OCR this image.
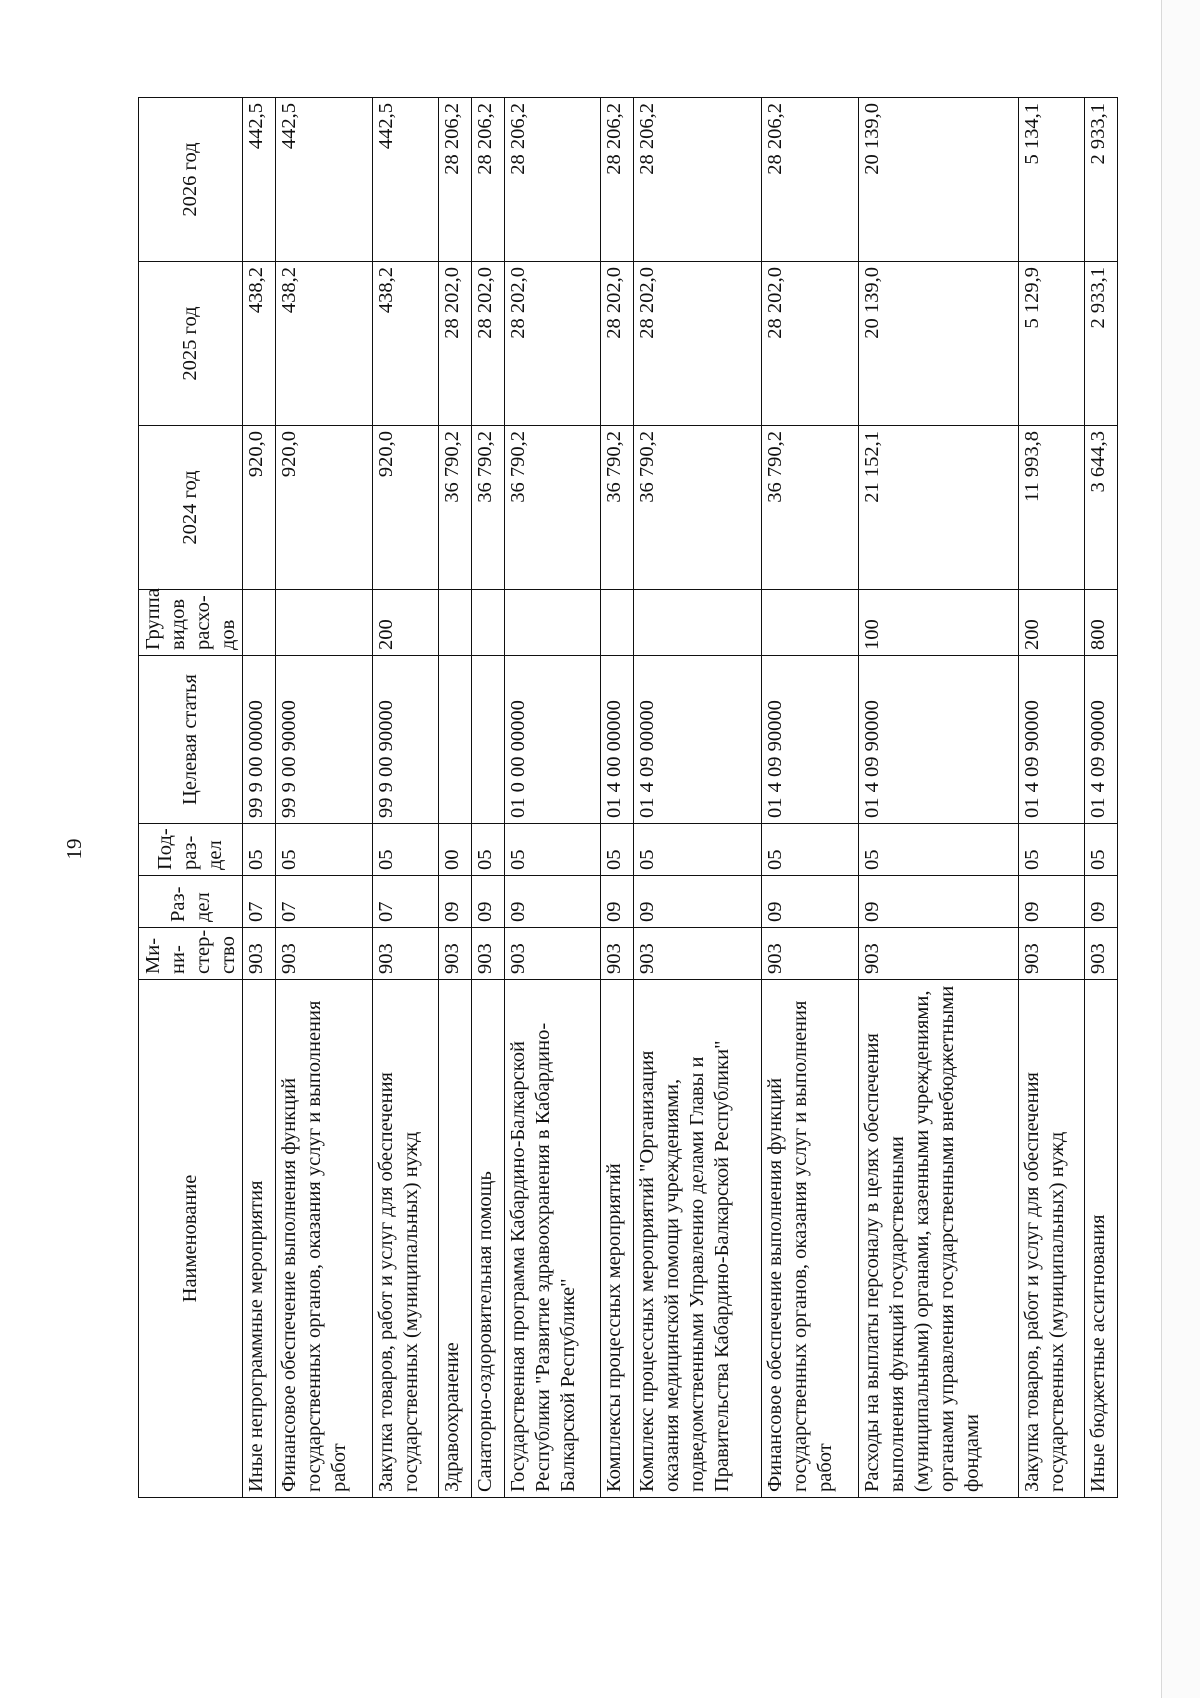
19
Наименование	Ми- ни- стер- ство	Раз- дел	Под- раз- дел	Целевая статья	Группа видов расхо- дов	2024 год	2025 год	2026 год
Иные непрограммные мероприятия	903	07	05	99 9 00 00000		920,0	438,2	442,5
Финансовое обеспечение выполнения функций государственных органов, оказания услуг и выполнения работ	903	07	05	99 9 00 90000		920,0	438,2	442,5
Закупка товаров, работ и услуг для обеспечения государственных (муниципальных) нужд	903	07	05	99 9 00 90000	200	920,0	438,2	442,5
Здравоохранение	903	09	00			36 790,2	28 202,0	28 206,2
Санаторно-оздоровительная помощь	903	09	05			36 790,2	28 202,0	28 206,2
Государственная программа Кабардино-Балкарской Республики "Развитие здравоохранения в Кабардино-Балкарской Республике"	903	09	05	01 0 00 00000		36 790,2	28 202,0	28 206,2
Комплексы процессных мероприятий	903	09	05	01 4 00 00000		36 790,2	28 202,0	28 206,2
Комплекс процессных мероприятий "Организация оказания медицинской помощи учреждениями, подведомственными Управлению делами Главы и Правительства Кабардино-Балкарской Республики"	903	09	05	01 4 09 00000		36 790,2	28 202,0	28 206,2
Финансовое обеспечение выполнения функций государственных органов, оказания услуг и выполнения работ	903	09	05	01 4 09 90000		36 790,2	28 202,0	28 206,2
Расходы на выплаты персоналу в целях обеспечения выполнения функций государственными (муниципальными) органами, казенными учреждениями, органами управления государственными внебюджетными фондами	903	09	05	01 4 09 90000	100	21 152,1	20 139,0	20 139,0
Закупка товаров, работ и услуг для обеспечения государственных (муниципальных) нужд	903	09	05	01 4 09 90000	200	11 993,8	5 129,9	5 134,1
Иные бюджетные ассигнования	903	09	05	01 4 09 90000	800	3 644,3	2 933,1	2 933,1
